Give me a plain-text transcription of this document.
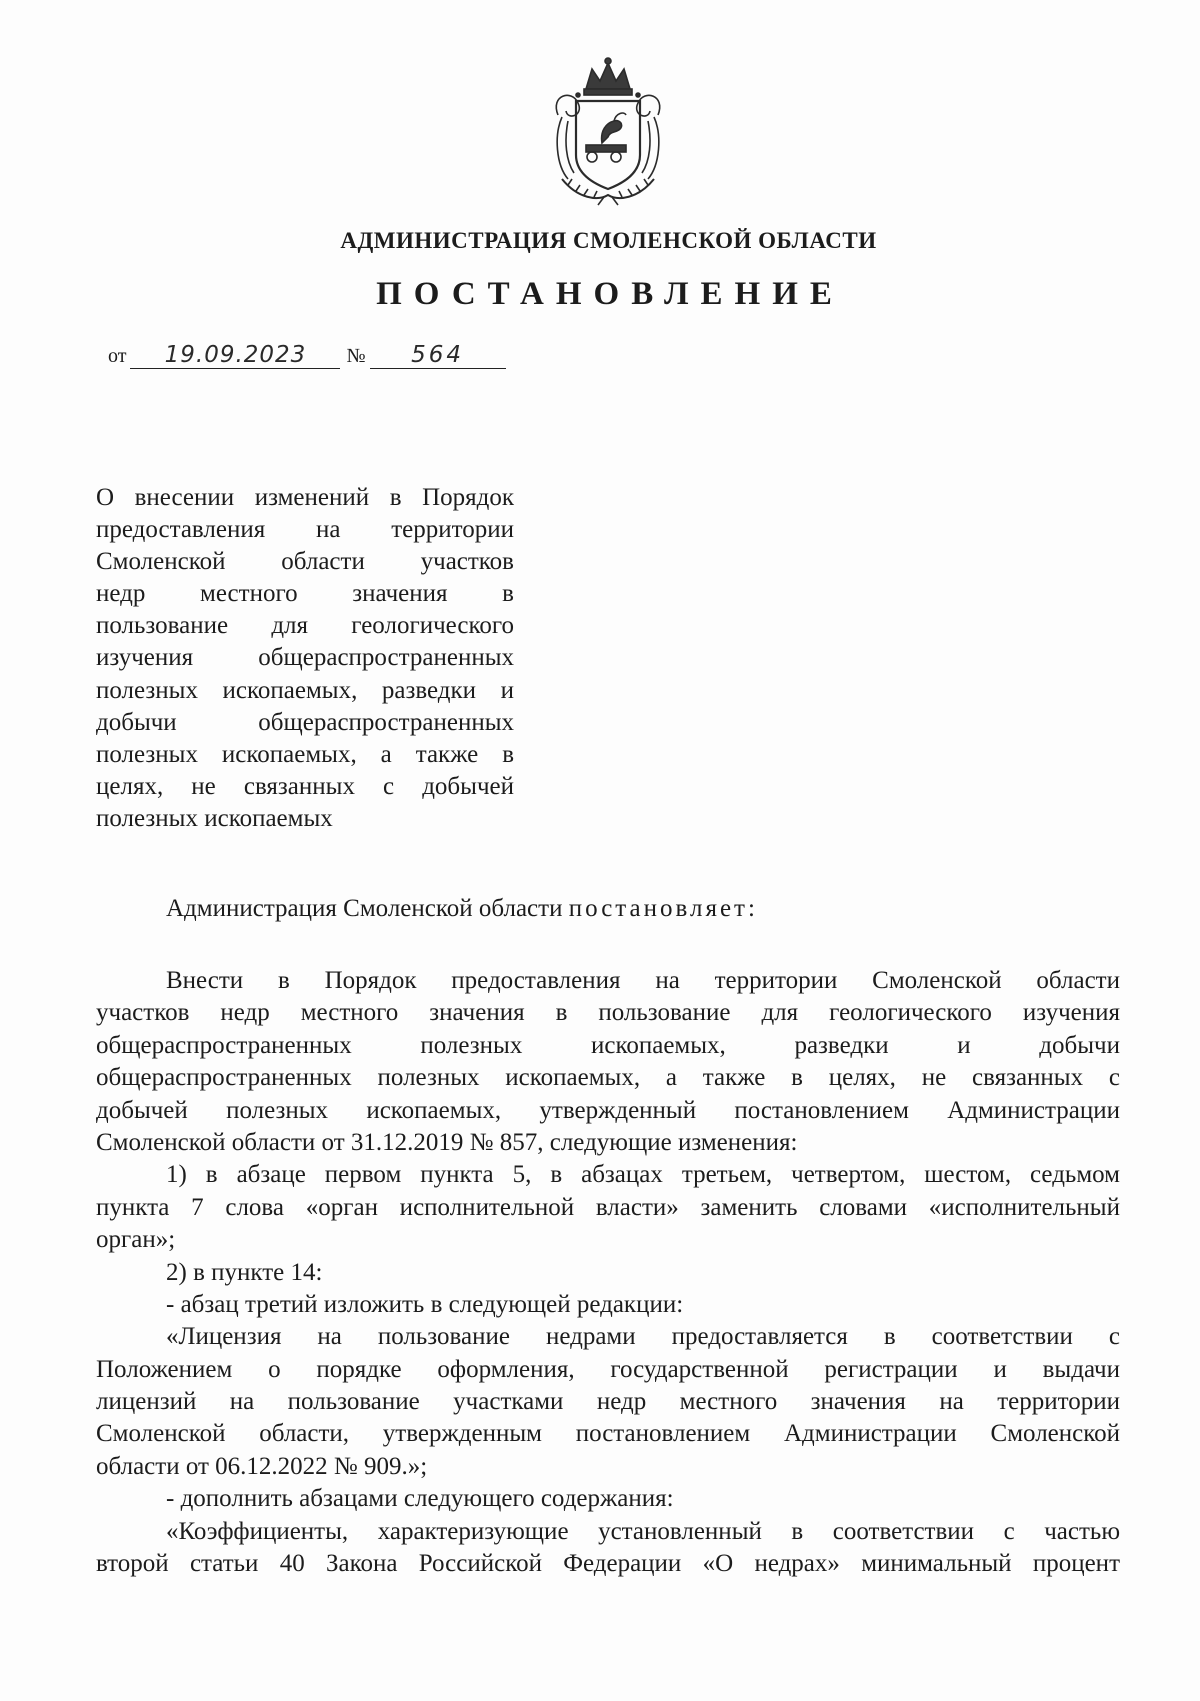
АДМИНИСТРАЦИЯ СМОЛЕНСКОЙ ОБЛАСТИ
ПОСТАНОВЛЕНИЕ
от 19.09.2023 № 564
О внесении изменений в Порядок
предоставления на территории
Смоленской области участков
недр местного значения в
пользование для геологического
изучения общераспространенных
полезных ископаемых, разведки и
добычи общераспространенных
полезных ископаемых, а также в
целях, не связанных с добычей
полезных ископаемых
Администрация Смоленской области постановляет:
Внести в Порядок предоставления на территории Смоленской области
участков недр местного значения в пользование для геологического изучения
общераспространенных полезных ископаемых, разведки и добычи
общераспространенных полезных ископаемых, а также в целях, не связанных с
добычей полезных ископаемых, утвержденный постановлением Администрации
Смоленской области от 31.12.2019 № 857, следующие изменения:
1) в абзаце первом пункта 5, в абзацах третьем, четвертом, шестом, седьмом
пункта 7 слова «орган исполнительной власти» заменить словами «исполнительный
орган»;
2) в пункте 14:
- абзац третий изложить в следующей редакции:
«Лицензия на пользование недрами предоставляется в соответствии с
Положением о порядке оформления, государственной регистрации и выдачи
лицензий на пользование участками недр местного значения на территории
Смоленской области, утвержденным постановлением Администрации Смоленской
области от 06.12.2022 № 909.»;
- дополнить абзацами следующего содержания:
«Коэффициенты, характеризующие установленный в соответствии с частью
второй статьи 40 Закона Российской Федерации «О недрах» минимальный процент
